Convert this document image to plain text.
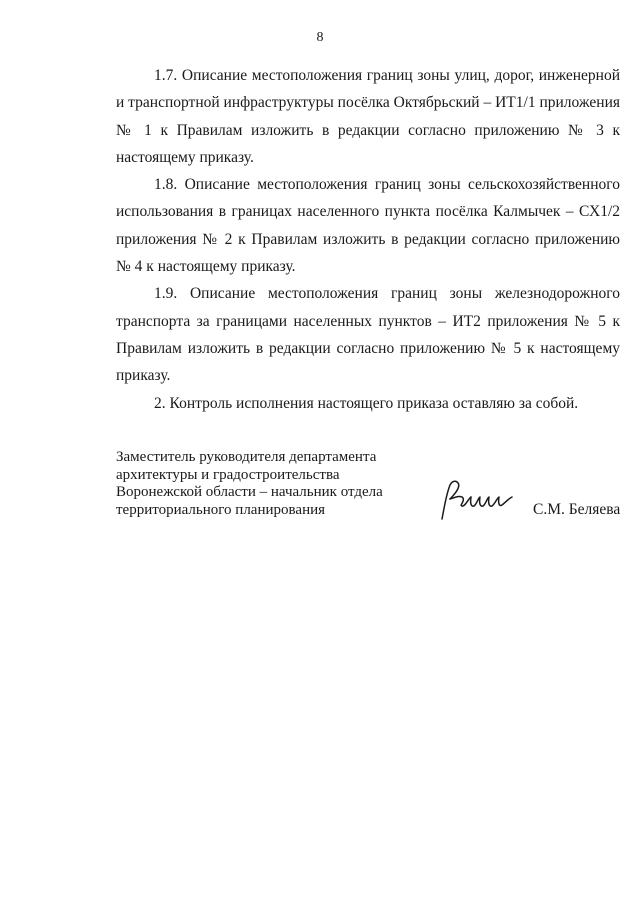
8

1.7. Описание местоположения границ зоны улиц, дорог, инженерной и транспортной инфраструктуры посёлка Октябрьский – ИТ1/1 приложения № 1 к Правилам изложить в редакции согласно приложению № 3 к настоящему приказу.

1.8. Описание местоположения границ зоны сельскохозяйственного использования в границах населенного пункта посёлка Калмычек – СХ1/2 приложения № 2 к Правилам изложить в редакции согласно приложению № 4 к настоящему приказу.

1.9. Описание местоположения границ зоны железнодорожного транспорта за границами населенных пунктов – ИТ2 приложения № 5 к Правилам изложить в редакции согласно приложению № 5 к настоящему приказу.

2. Контроль исполнения настоящего приказа оставляю за собой.

Заместитель руководителя департамента
архитектуры и градостроительства
Воронежской области – начальник отдела
территориального планирования	С.М. Беляева
